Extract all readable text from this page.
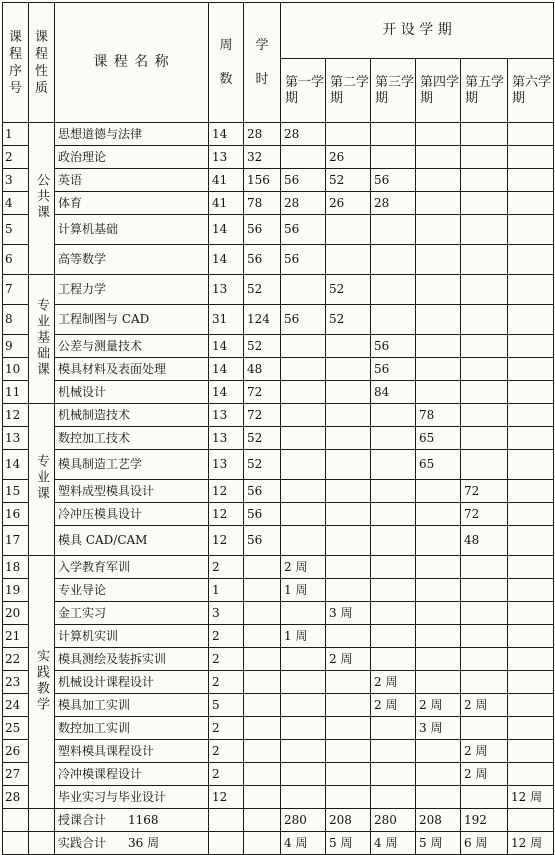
课程序号	课程性质	课 程 名 称	周数	学时	开 设 学 期					
					第一学期	第二学期	第三学期	第四学期	第五学期	第六学期
1	公共课	思想道德与法律	14	28	28					
2		政治理论	13	32		26				
3		英语	41	156	56	52	56			
4		体育	41	78	28	26	28			
5		计算机基础	14	56	56					
6		高等数学	14	56	56					
7	专业基础课	工程力学	13	52		52				
8		工程制图与 CAD	31	124	56	52				
9		公差与测量技术	14	52			56			
10		模具材料及表面处理	14	48			56			
11		机械设计	14	72			84			
12	专业课	机械制造技术	13	72				78		
13		数控加工技术	13	52				65		
14		模具制造工艺学	13	52				65		
15		塑料成型模具设计	12	56					72	
16		冷冲压模具设计	12	56					72	
17		模具 CAD/CAM	12	56					48	
18	实践教学	入学教育军训	2		2 周					
19		专业导论	1		1 周					
20		金工实习	3			3 周				
21		计算机实训	2		1 周					
22		模具测绘及装拆实训	2			2 周				
23		机械设计课程设计	2				2 周			
24		模具加工实训	5				2 周	2 周	2 周	
25		数控加工实训	2					3 周		
26		塑料模具课程设计	2						2 周	
27		冷冲模课程设计	2						2 周	
28		毕业实习与毕业设计	12							12 周
		授课合计 1168			280	208	280	208	192	
		实践合计 36 周			4 周	5 周	4 周	5 周	6 周	12 周
